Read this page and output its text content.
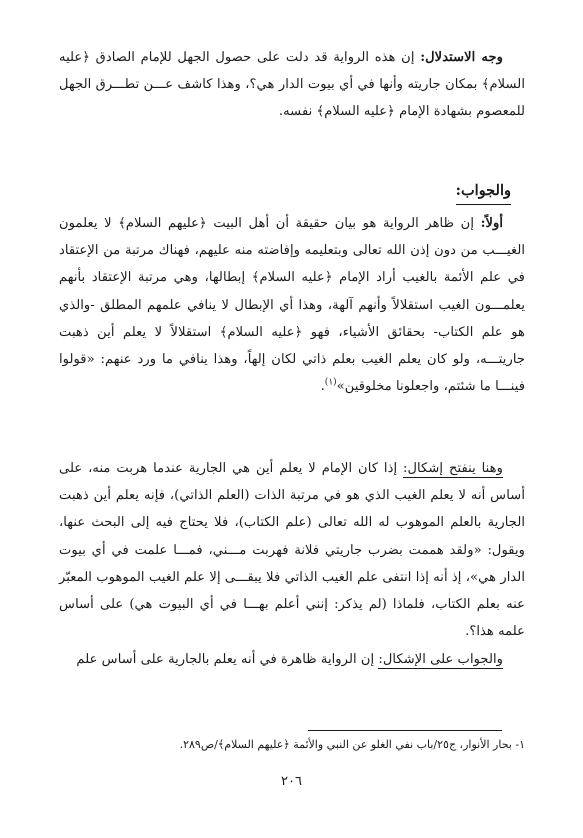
وجه الاستدلال: إن هذه الرواية قد دلت على حصول الجهل للإمام الصادق ﴿عليه السلام﴾ بمكان جاريته وأنها في أي بيوت الدار هي؟، وهذا كاشف عـــن تطـــرق الجهل للمعصوم بشهادة الإمام ﴿عليه السلام﴾ نفسه.
والجواب:
أولاً: إن ظاهر الرواية هو بيان حقيقة أن أهل البيت ﴿عليهم السلام﴾ لا يعلمون الغيـــب من دون إذن الله تعالى وبتعليمه وإفاضته منه عليهم، فهناك مرتبة من الإعتقاد في علم الأئمة بالغيب أراد الإمام ﴿عليه السلام﴾ إبطالها، وهي مرتبة الإعتقاد بأنهم يعلمـــون الغيب استقلالاً وأنهم آلهة، وهذا أي الإبطال لا ينافي علمهم المطلق -والذي هو علم الكتاب- بحقائق الأشياء، فهو ﴿عليه السلام﴾ استقلالاً لا يعلم أين ذهبت جاريتـــه، ولو كان يعلم الغيب بعلم ذاتي لكان إلهاً، وهذا ينافي ما ورد عنهم: «قولوا فينـــا ما شئتم، واجعلونا مخلوقين»$^{(١)}$.
وهنا ينفتح إشكال: إذا كان الإمام لا يعلم أين هي الجارية عندما هربت منه، على أساس أنه لا يعلم الغيب الذي هو في مرتبة الذات (العلم الذاتي)، فإنه يعلم أين ذهبت الجارية بالعلم الموهوب له الله تعالى (علم الكتاب)، فلا يحتاج فيه إلى البحث عنها، ويقول: «ولقد هممت بضرب جاريتي فلانة فهربت مـــني، فمـــا علمت في أي بيوت الدار هي»، إذ أنه إذا انتفى علم الغيب الذاتي فلا يبقـــى إلا علم الغيب الموهوب المعبّر عنه بعلم الكتاب، فلماذا (لم يذكر: إنني أعلم بهـــا في أي البيوت هي) على أساس علمه هذا؟.
والجواب على الإشكال: إن الرواية ظاهرة في أنه يعلم بالجارية على أساس علم
١- بحار الأنوار، ج٢٥/باب نفي الغلو عن النبي والأئمة ﴿عليهم السلام﴾/ص٢٨٩.
٢٠٦
